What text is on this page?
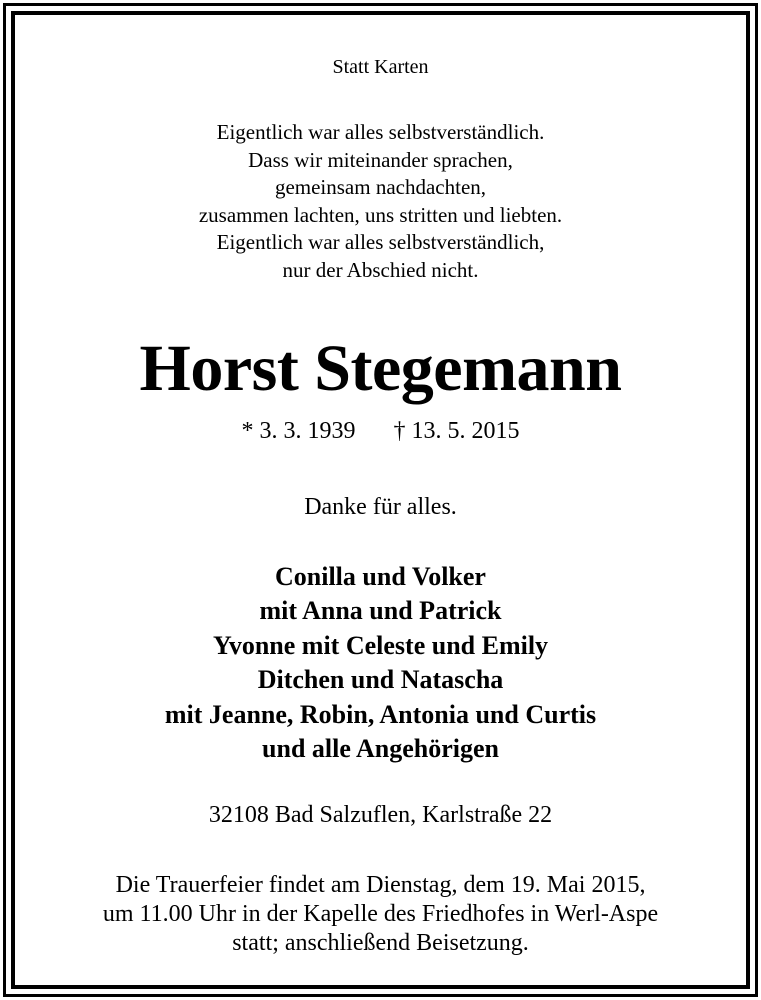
Statt Karten
Eigentlich war alles selbstverständlich.
Dass wir miteinander sprachen,
gemeinsam nachdachten,
zusammen lachten, uns stritten und liebten.
Eigentlich war alles selbstverständlich,
nur der Abschied nicht.
Horst Stegemann
* 3. 3. 1939 † 13. 5. 2015
Danke für alles.
Conilla und Volker
mit Anna und Patrick
Yvonne mit Celeste und Emily
Ditchen und Natascha
mit Jeanne, Robin, Antonia und Curtis
und alle Angehörigen
32108 Bad Salzuflen, Karlstraße 22
Die Trauerfeier findet am Dienstag, dem 19. Mai 2015,
um 11.00 Uhr in der Kapelle des Friedhofes in Werl-Aspe
statt; anschließend Beisetzung.
